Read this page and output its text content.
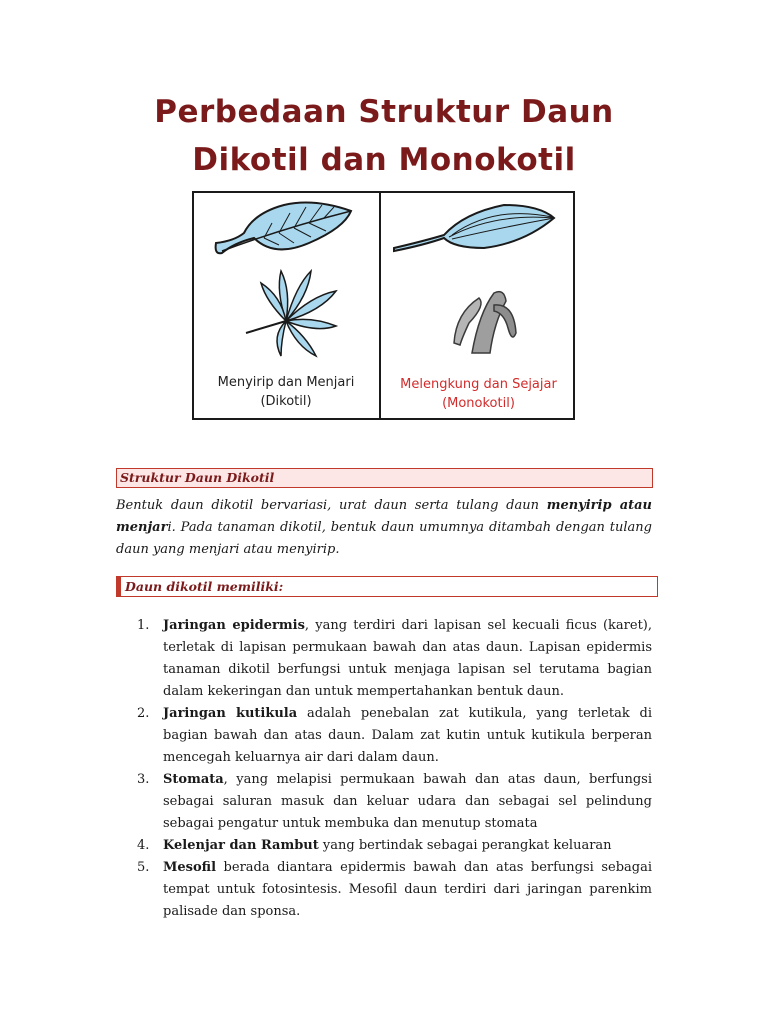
Perbedaan Struktur Daun
Dikotil dan Monokotil
Menyirip dan Menjari
(Dikotil)
Melengkung dan Sejajar
(Monokotil)
Struktur Daun Dikotil
Bentuk daun dikotil bervariasi, urat daun serta tulang daun menyirip atau menjari. Pada tanaman dikotil, bentuk daun umumnya ditambah dengan tulang daun yang menjari atau menyirip.
Daun dikotil memiliki:
1. Jaringan epidermis, yang terdiri dari lapisan sel kecuali ficus (karet), terletak di lapisan permukaan bawah dan atas daun. Lapisan epidermis tanaman dikotil berfungsi untuk menjaga lapisan sel terutama bagian dalam kekeringan dan untuk mempertahankan bentuk daun.
2. Jaringan kutikula adalah penebalan zat kutikula, yang terletak di bagian bawah dan atas daun. Dalam zat kutin untuk kutikula berperan mencegah keluarnya air dari dalam daun.
3. Stomata, yang melapisi permukaan bawah dan atas daun, berfungsi sebagai saluran masuk dan keluar udara dan sebagai sel pelindung sebagai pengatur untuk membuka dan menutup stomata
4. Kelenjar dan Rambut yang bertindak sebagai perangkat keluaran
5. Mesofil berada diantara epidermis bawah dan atas berfungsi sebagai tempat untuk fotosintesis. Mesofil daun terdiri dari jaringan parenkim palisade dan sponsa.
